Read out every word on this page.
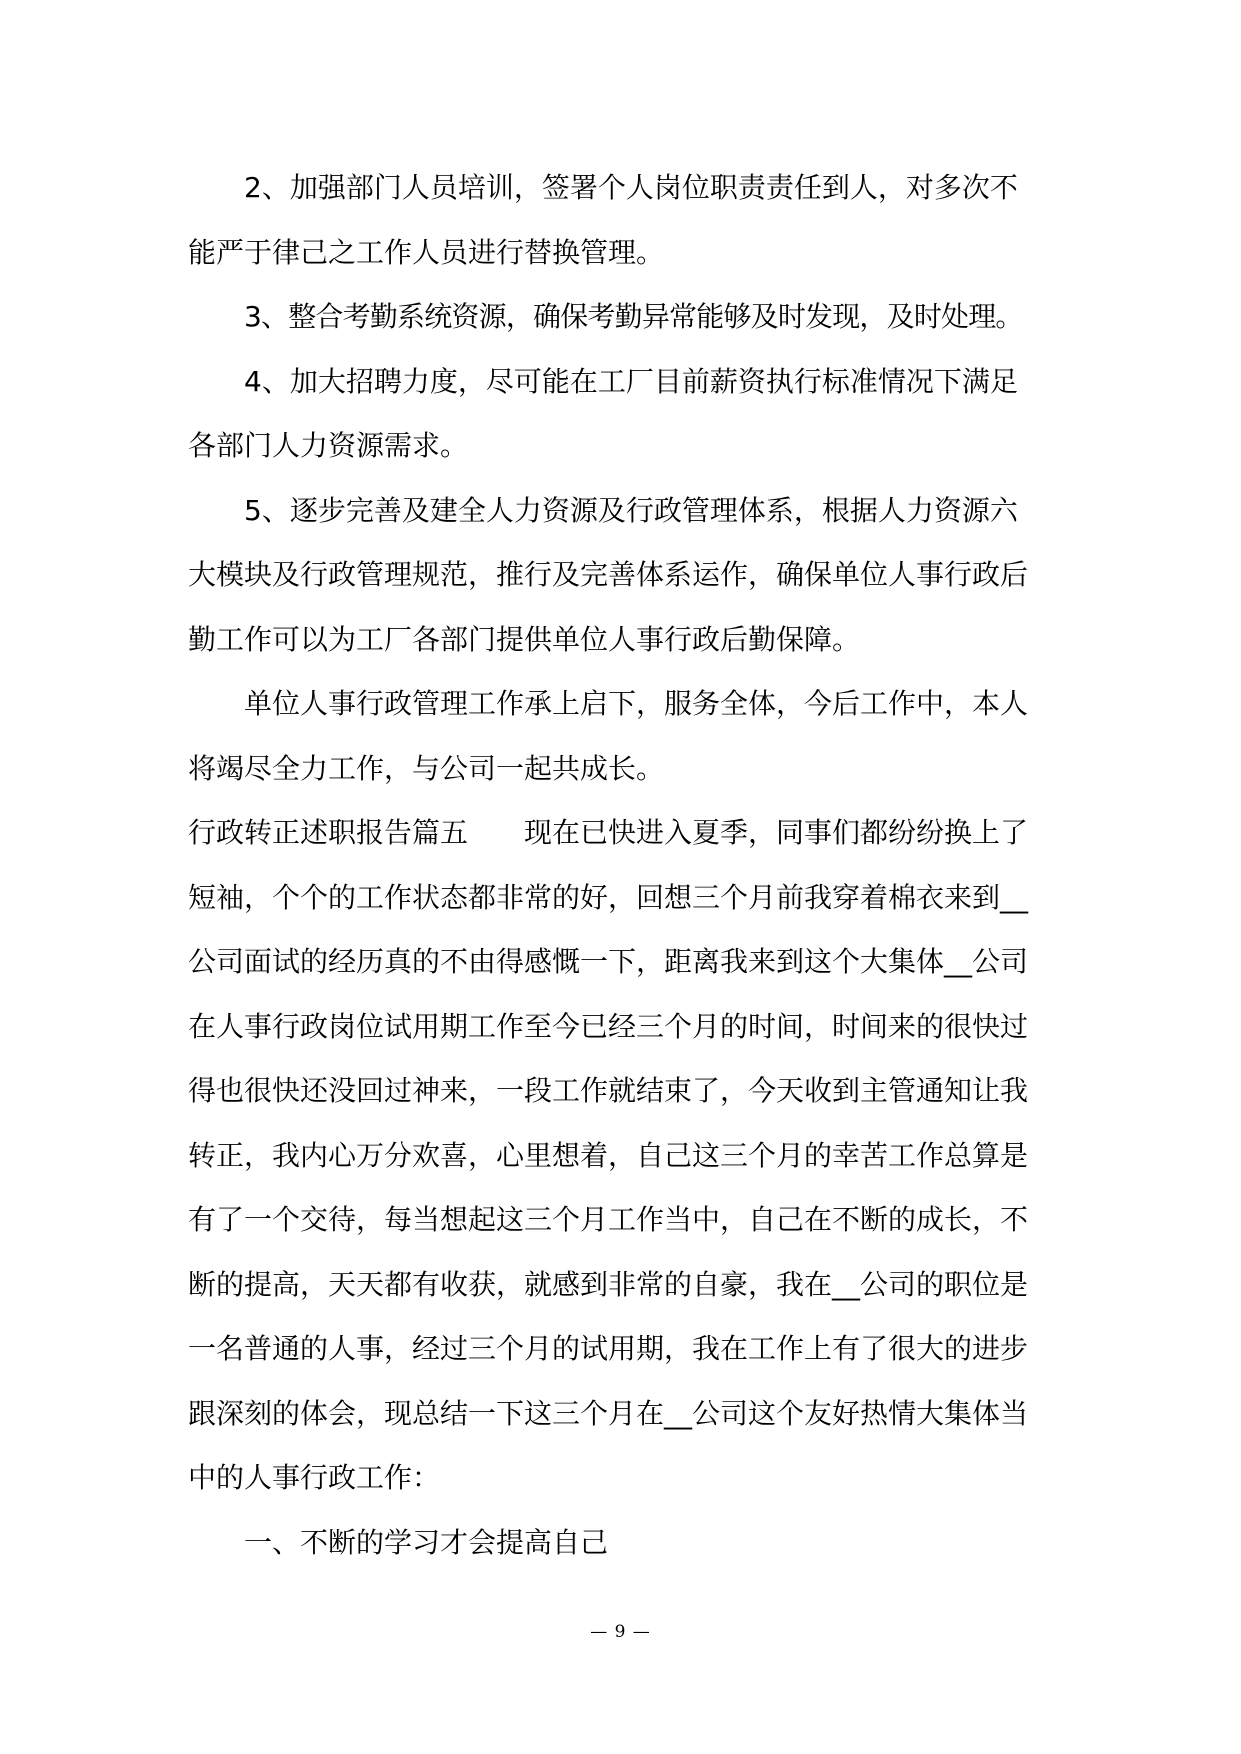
2、加强部门人员培训，签署个人岗位职责责任到人，对多次不
能严于律己之工作人员进行替换管理。
3、整合考勤系统资源，确保考勤异常能够及时发现，及时处理。
4、加大招聘力度，尽可能在工厂目前薪资执行标准情况下满足
各部门人力资源需求。
5、逐步完善及建全人力资源及行政管理体系，根据人力资源六
大模块及行政管理规范，推行及完善体系运作，确保单位人事行政后
勤工作可以为工厂各部门提供单位人事行政后勤保障。
单位人事行政管理工作承上启下，服务全体，今后工作中，本人
将竭尽全力工作，与公司一起共成长。
行政转正述职报告篇五　　现在已快进入夏季，同事们都纷纷换上了
短袖，个个的工作状态都非常的好，回想三个月前我穿着棉衣来到__
公司面试的经历真的不由得感慨一下，距离我来到这个大集体__公司
在人事行政岗位试用期工作至今已经三个月的时间，时间来的很快过
得也很快还没回过神来，一段工作就结束了，今天收到主管通知让我
转正，我内心万分欢喜，心里想着，自己这三个月的幸苦工作总算是
有了一个交待，每当想起这三个月工作当中，自己在不断的成长，不
断的提高，天天都有收获，就感到非常的自豪，我在__公司的职位是
一名普通的人事，经过三个月的试用期，我在工作上有了很大的进步
跟深刻的体会，现总结一下这三个月在__公司这个友好热情大集体当
中的人事行政工作：
一、不断的学习才会提高自己
— 9 —
